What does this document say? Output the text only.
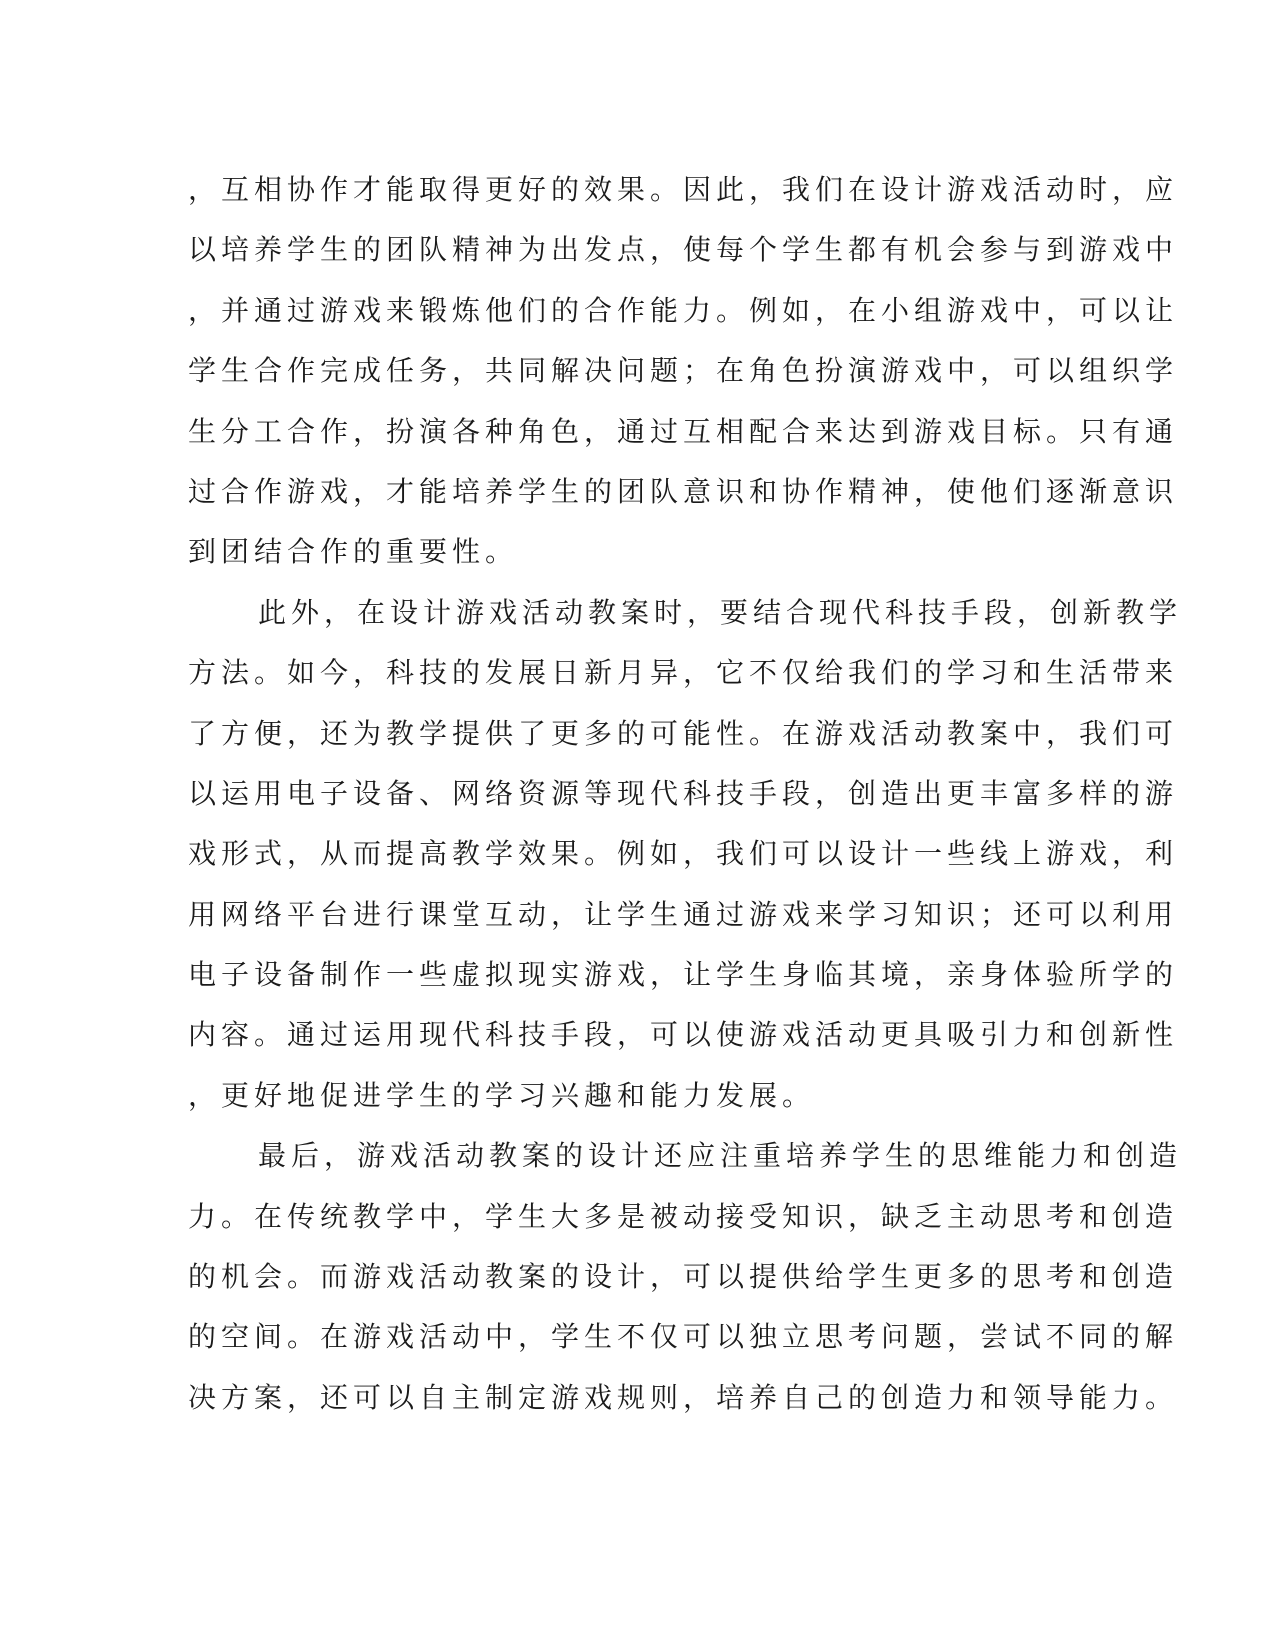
，互相协作才能取得更好的效果。因此，我们在设计游戏活动时，应
以培养学生的团队精神为出发点，使每个学生都有机会参与到游戏中
，并通过游戏来锻炼他们的合作能力。例如，在小组游戏中，可以让
学生合作完成任务，共同解决问题；在角色扮演游戏中，可以组织学
生分工合作，扮演各种角色，通过互相配合来达到游戏目标。只有通
过合作游戏，才能培养学生的团队意识和协作精神，使他们逐渐意识
到团结合作的重要性。
此外，在设计游戏活动教案时，要结合现代科技手段，创新教学
方法。如今，科技的发展日新月异，它不仅给我们的学习和生活带来
了方便，还为教学提供了更多的可能性。在游戏活动教案中，我们可
以运用电子设备、网络资源等现代科技手段，创造出更丰富多样的游
戏形式，从而提高教学效果。例如，我们可以设计一些线上游戏，利
用网络平台进行课堂互动，让学生通过游戏来学习知识；还可以利用
电子设备制作一些虚拟现实游戏，让学生身临其境，亲身体验所学的
内容。通过运用现代科技手段，可以使游戏活动更具吸引力和创新性
，更好地促进学生的学习兴趣和能力发展。
最后，游戏活动教案的设计还应注重培养学生的思维能力和创造
力。在传统教学中，学生大多是被动接受知识，缺乏主动思考和创造
的机会。而游戏活动教案的设计，可以提供给学生更多的思考和创造
的空间。在游戏活动中，学生不仅可以独立思考问题，尝试不同的解
决方案，还可以自主制定游戏规则，培养自己的创造力和领导能力。
